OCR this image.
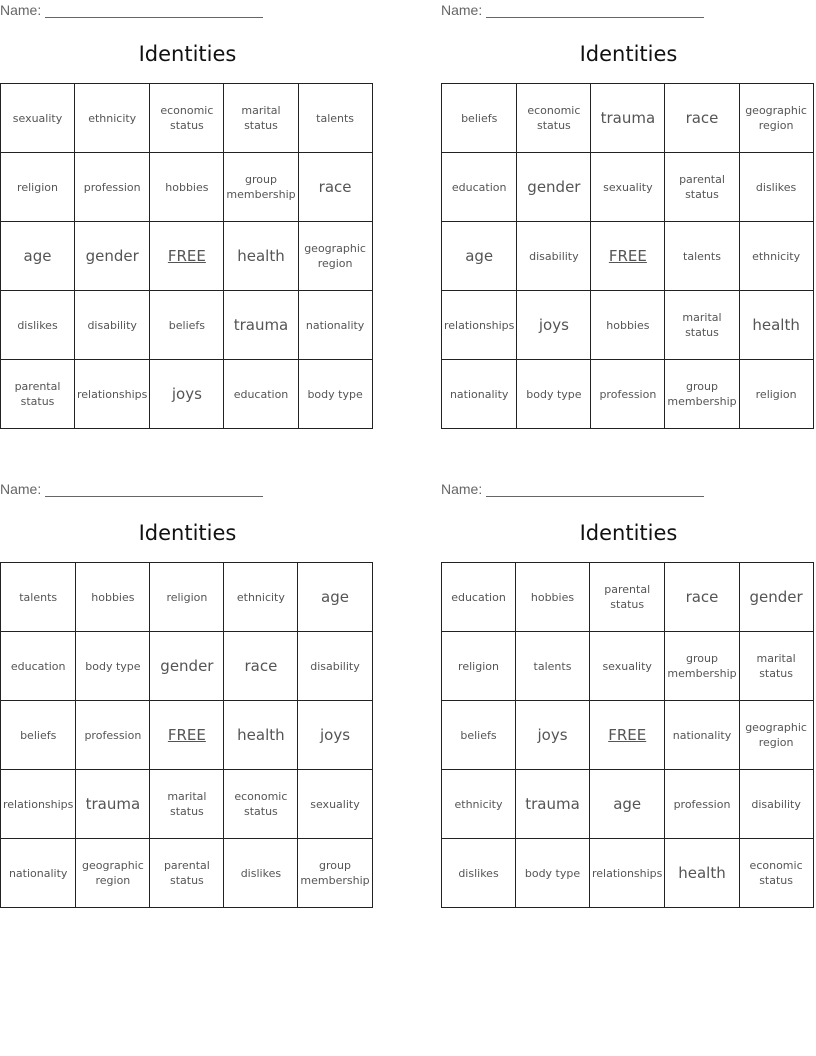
Name:
Identities
sexuality	ethnicity	economic status	marital status	talents
religion	profession	hobbies	group membership	race
age	gender	FREE	health	geographic region
dislikes	disability	beliefs	trauma	nationality
parental status	relationships	joys	education	body type
Name:
Identities
beliefs	economic status	trauma	race	geographic region
education	gender	sexuality	parental status	dislikes
age	disability	FREE	talents	ethnicity
relationships	joys	hobbies	marital status	health
nationality	body type	profession	group membership	religion
Name:
Identities
talents	hobbies	religion	ethnicity	age
education	body type	gender	race	disability
beliefs	profession	FREE	health	joys
relationships	trauma	marital status	economic status	sexuality
nationality	geographic region	parental status	dislikes	group membership
Name:
Identities
education	hobbies	parental status	race	gender
religion	talents	sexuality	group membership	marital status
beliefs	joys	FREE	nationality	geographic region
ethnicity	trauma	age	profession	disability
dislikes	body type	relationships	health	economic status
